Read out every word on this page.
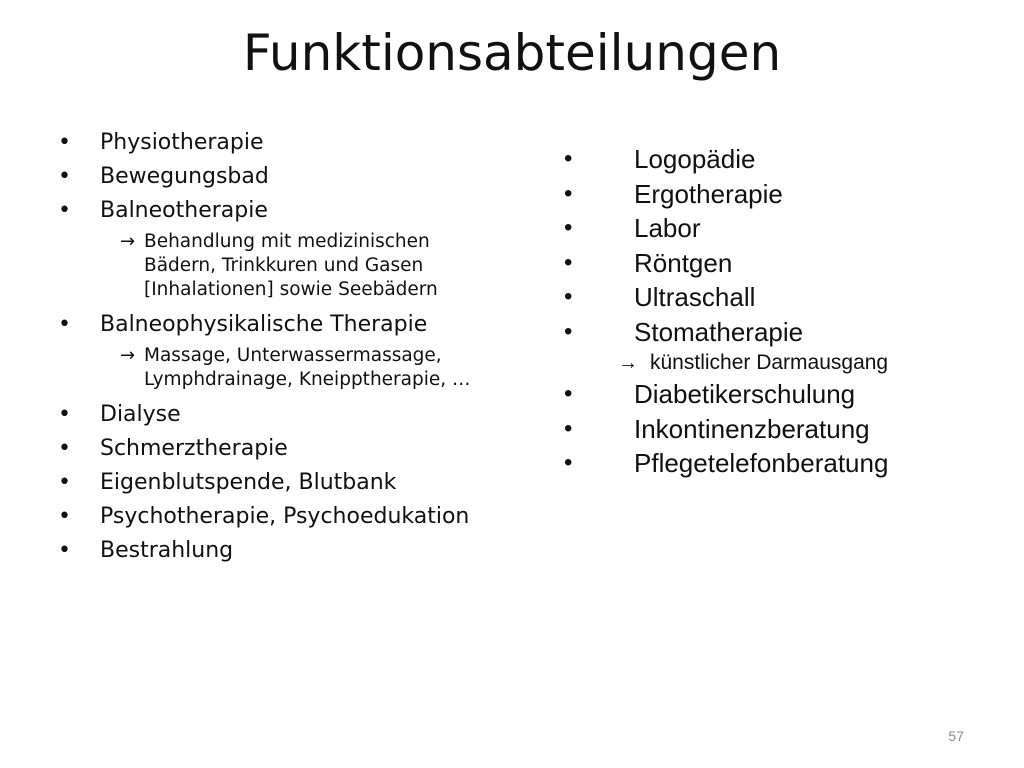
Funktionsabteilungen
• Physiotherapie
• Bewegungsbad
• Balneotherapie
→ Behandlung mit medizinischen
Bädern, Trinkkuren und Gasen
[Inhalationen] sowie Seebädern
• Balneophysikalische Therapie
→ Massage, Unterwassermassage,
Lymphdrainage, Kneipptherapie, …
• Dialyse
• Schmerztherapie
• Eigenblutspende, Blutbank
• Psychotherapie, Psychoedukation
• Bestrahlung
• Logopädie
• Ergotherapie
• Labor
• Röntgen
• Ultraschall
• Stomatherapie
→ künstlicher Darmausgang
• Diabetikerschulung
• Inkontinenzberatung
• Pflegetelefonberatung
57
